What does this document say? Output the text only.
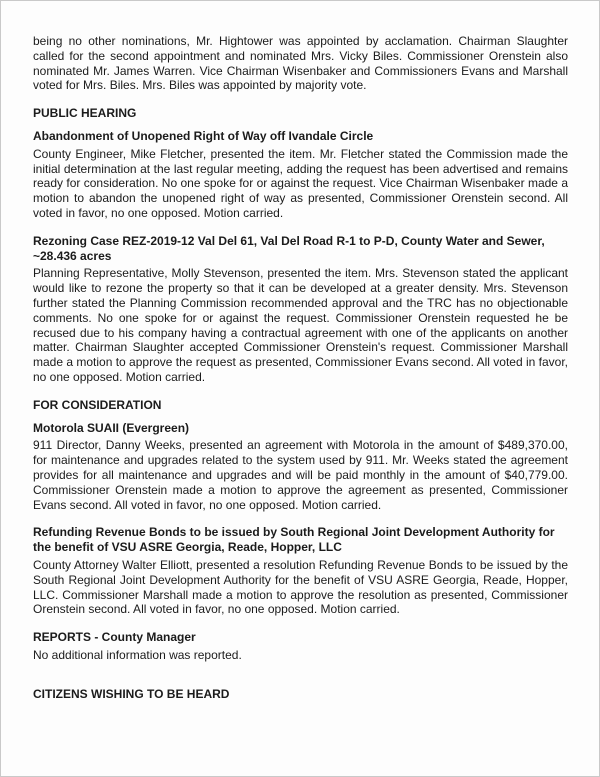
being no other nominations, Mr. Hightower was appointed by acclamation. Chairman Slaughter called for the second appointment and nominated Mrs. Vicky Biles. Commissioner Orenstein also nominated Mr. James Warren. Vice Chairman Wisenbaker and Commissioners Evans and Marshall voted for Mrs. Biles. Mrs. Biles was appointed by majority vote.

PUBLIC HEARING
Abandonment of Unopened Right of Way off Ivandale Circle

County Engineer, Mike Fletcher, presented the item. Mr. Fletcher stated the Commission made the initial determination at the last regular meeting, adding the request has been advertised and remains ready for consideration. No one spoke for or against the request. Vice Chairman Wisenbaker made a motion to abandon the unopened right of way as presented, Commissioner Orenstein second. All voted in favor, no one opposed. Motion carried.

Rezoning Case REZ-2019-12 Val Del 61, Val Del Road R-1 to P-D, County Water and Sewer, ~28.436 acres

Planning Representative, Molly Stevenson, presented the item. Mrs. Stevenson stated the applicant would like to rezone the property so that it can be developed at a greater density. Mrs. Stevenson further stated the Planning Commission recommended approval and the TRC has no objectionable comments. No one spoke for or against the request. Commissioner Orenstein requested he be recused due to his company having a contractual agreement with one of the applicants on another matter. Chairman Slaughter accepted Commissioner Orenstein's request. Commissioner Marshall made a motion to approve the request as presented, Commissioner Evans second. All voted in favor, no one opposed. Motion carried.

FOR CONSIDERATION
Motorola SUAII (Evergreen)

911 Director, Danny Weeks, presented an agreement with Motorola in the amount of $489,370.00, for maintenance and upgrades related to the system used by 911. Mr. Weeks stated the agreement provides for all maintenance and upgrades and will be paid monthly in the amount of $40,779.00. Commissioner Orenstein made a motion to approve the agreement as presented, Commissioner Evans second. All voted in favor, no one opposed. Motion carried.

Refunding Revenue Bonds to be issued by South Regional Joint Development Authority for the benefit of VSU ASRE Georgia, Reade, Hopper, LLC

County Attorney Walter Elliott, presented a resolution Refunding Revenue Bonds to be issued by the South Regional Joint Development Authority for the benefit of VSU ASRE Georgia, Reade, Hopper, LLC. Commissioner Marshall made a motion to approve the resolution as presented, Commissioner Orenstein second. All voted in favor, no one opposed. Motion carried.

REPORTS - County Manager

No additional information was reported.

CITIZENS WISHING TO BE HEARD
